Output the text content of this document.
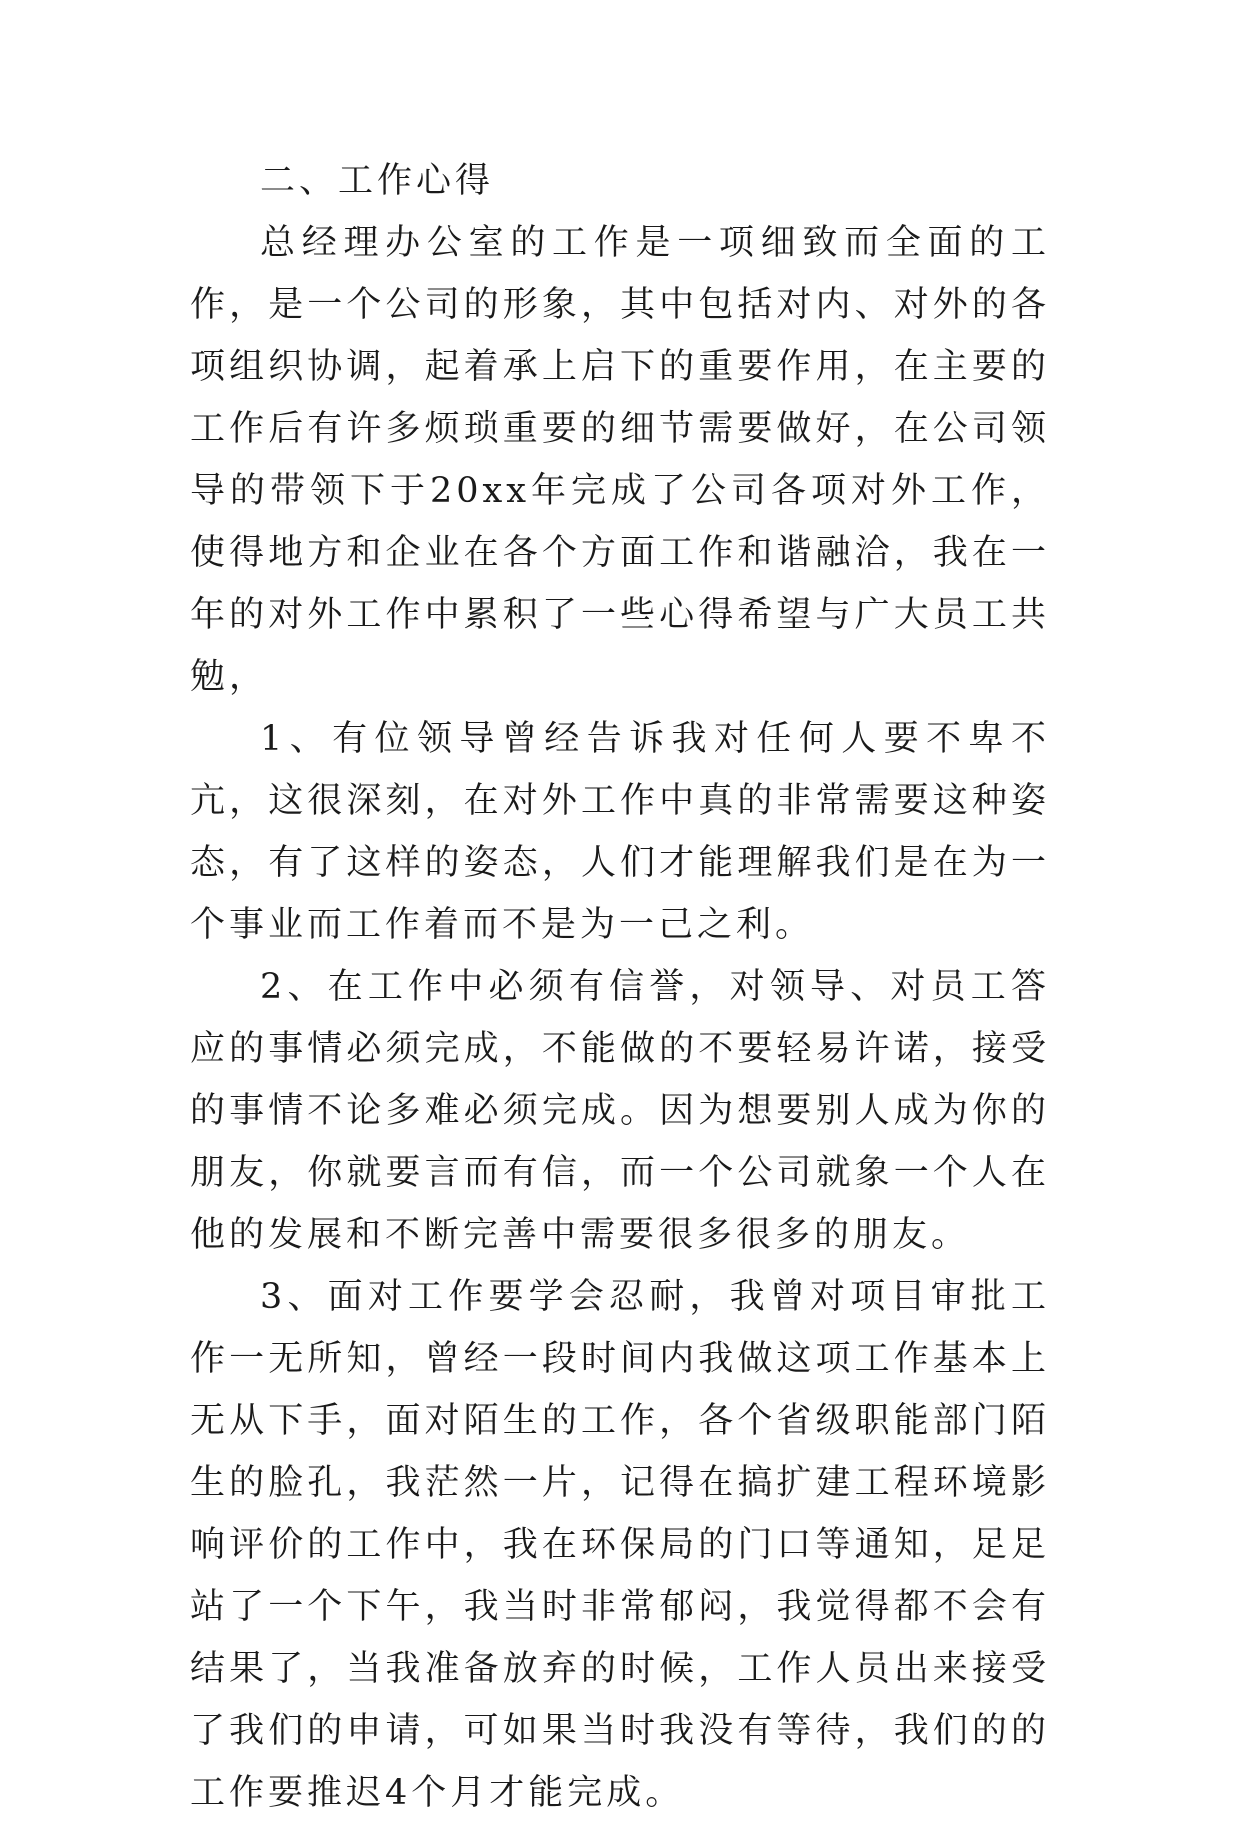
二、工作心得

总经理办公室的工作是一项细致而全面的工作，是一个公司的形象，其中包括对内、对外的各项组织协调，起着承上启下的重要作用，在主要的工作后有许多烦琐重要的细节需要做好，在公司领导的带领下于20xx年完成了公司各项对外工作，使得地方和企业在各个方面工作和谐融洽，我在一年的对外工作中累积了一些心得希望与广大员工共勉，

1、有位领导曾经告诉我对任何人要不卑不亢，这很深刻，在对外工作中真的非常需要这种姿态，有了这样的姿态，人们才能理解我们是在为一个事业而工作着而不是为一己之利。

2、在工作中必须有信誉，对领导、对员工答应的事情必须完成，不能做的不要轻易许诺，接受的事情不论多难必须完成。因为想要别人成为你的朋友，你就要言而有信，而一个公司就象一个人在他的发展和不断完善中需要很多很多的朋友。

3、面对工作要学会忍耐，我曾对项目审批工作一无所知，曾经一段时间内我做这项工作基本上无从下手，面对陌生的工作，各个省级职能部门陌生的脸孔，我茫然一片，记得在搞扩建工程环境影响评价的工作中，我在环保局的门口等通知，足足站了一个下午，我当时非常郁闷，我觉得都不会有结果了，当我准备放弃的时候，工作人员出来接受了我们的申请，可如果当时我没有等待，我们的的工作要推迟4个月才能完成。
